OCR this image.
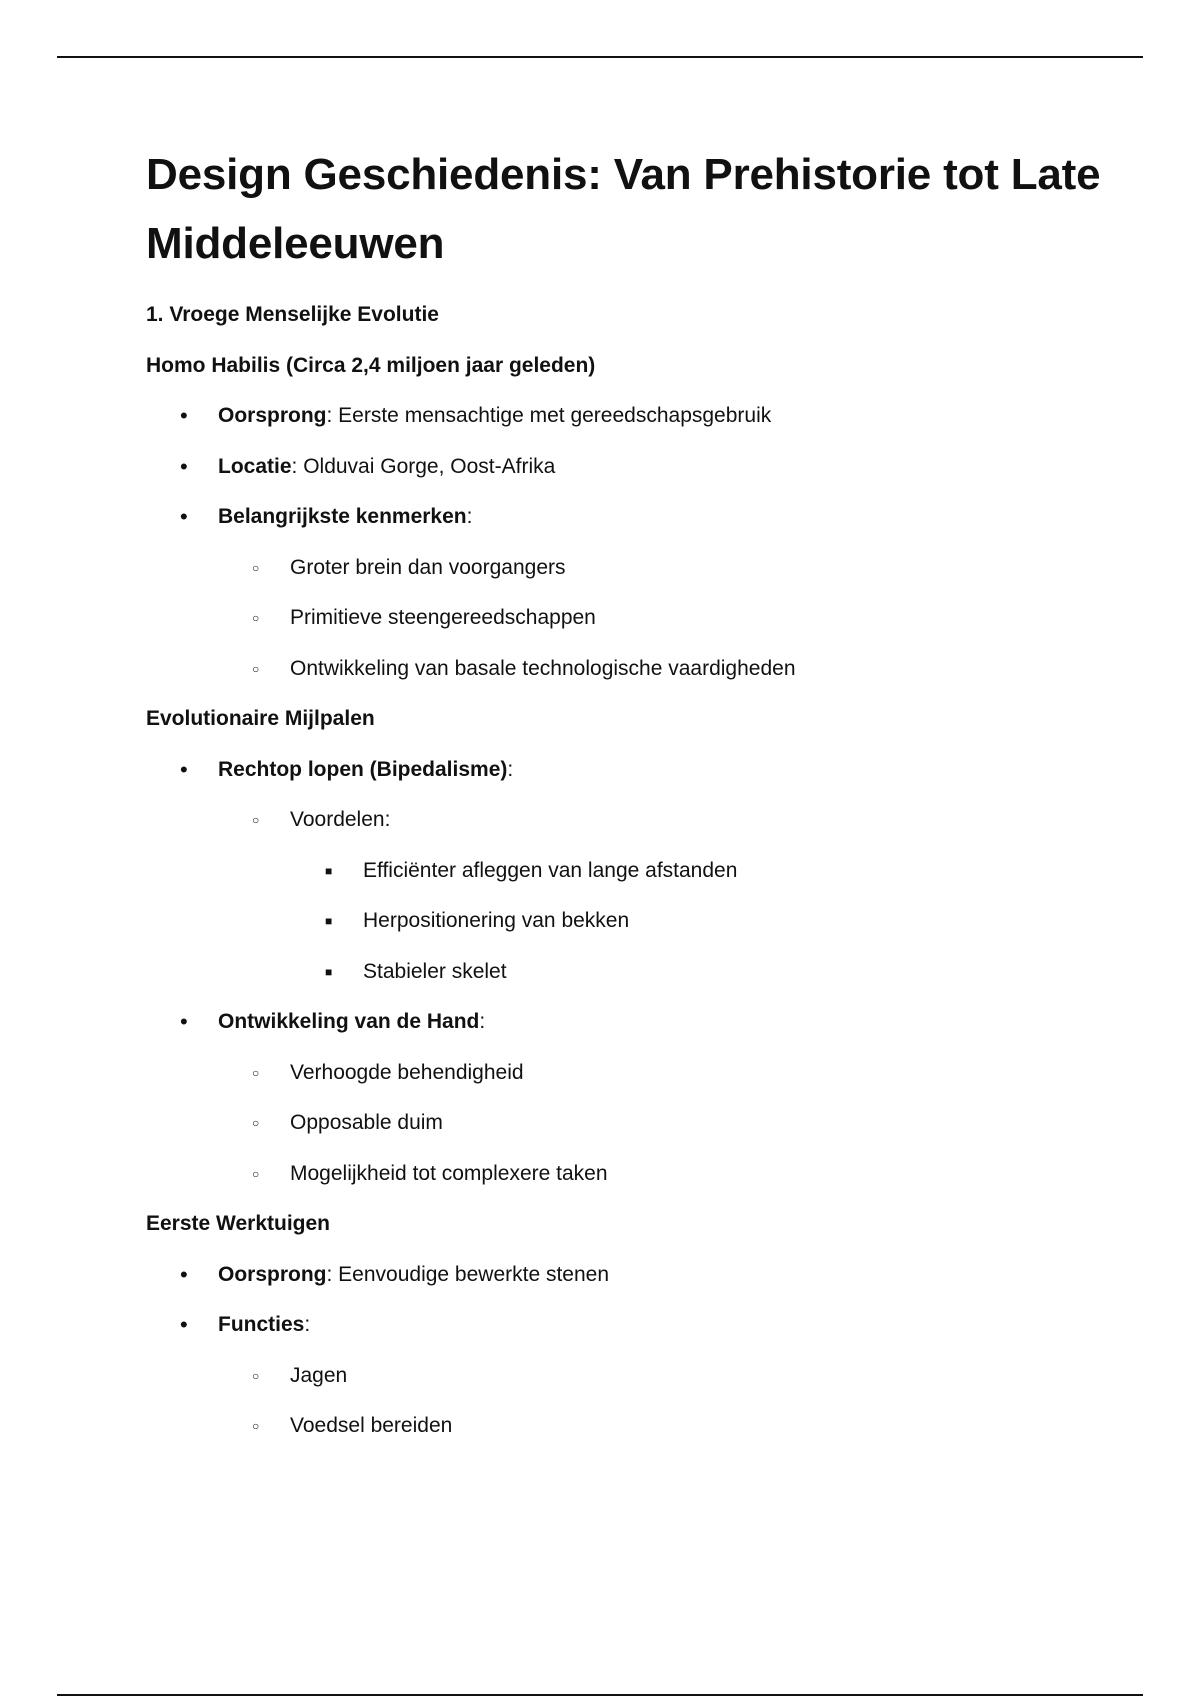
Design Geschiedenis: Van Prehistorie tot Late Middeleeuwen
1. Vroege Menselijke Evolutie
Homo Habilis (Circa 2,4 miljoen jaar geleden)
• Oorsprong: Eerste mensachtige met gereedschapsgebruik
• Locatie: Olduvai Gorge, Oost-Afrika
• Belangrijkste kenmerken:
○ Groter brein dan voorgangers
○ Primitieve steengereedschappen
○ Ontwikkeling van basale technologische vaardigheden
Evolutionaire Mijlpalen
• Rechtop lopen (Bipedalisme):
○ Voordelen:
■ Efficiënter afleggen van lange afstanden
■ Herpositionering van bekken
■ Stabieler skelet
• Ontwikkeling van de Hand:
○ Verhoogde behendigheid
○ Opposable duim
○ Mogelijkheid tot complexere taken
Eerste Werktuigen
• Oorsprong: Eenvoudige bewerkte stenen
• Functies:
○ Jagen
○ Voedsel bereiden
